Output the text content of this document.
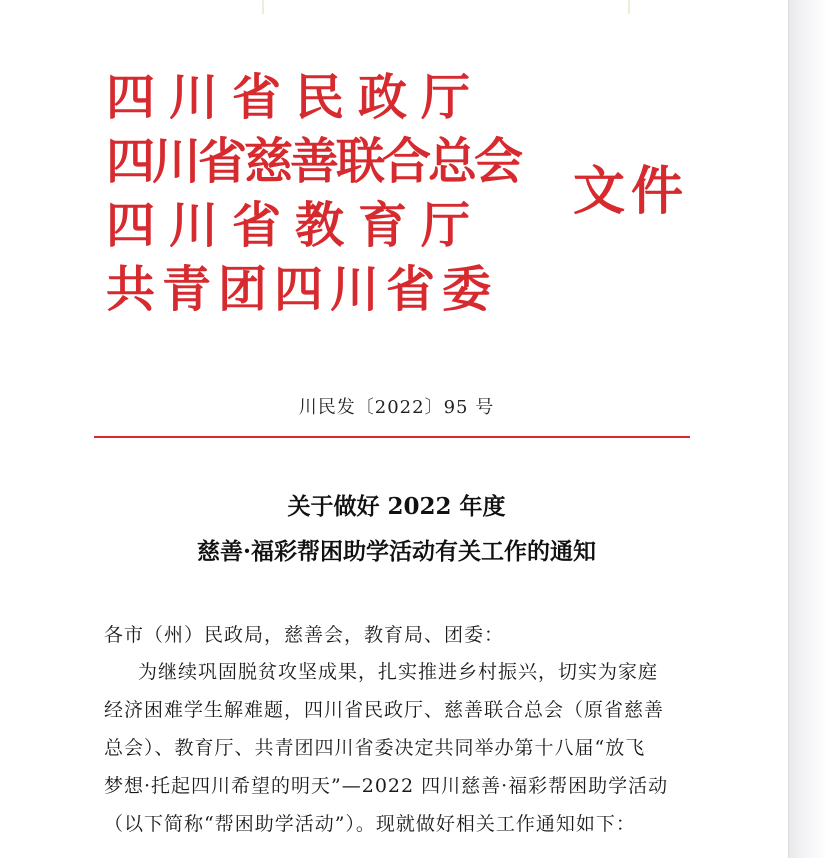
四川省民政厅
四川省慈善联合总会
四川省教育厅
共青团四川省委
文件
川民发〔2022〕95 号
关于做好 2022 年度
慈善·福彩帮困助学活动有关工作的通知
各市（州）民政局，慈善会，教育局、团委：
为继续巩固脱贫攻坚成果，扎实推进乡村振兴，切实为家庭
经济困难学生解难题，四川省民政厅、慈善联合总会（原省慈善
总会）、教育厅、共青团四川省委决定共同举办第十八届“放飞
梦想·托起四川希望的明天”—2022 四川慈善·福彩帮困助学活动
（以下简称“帮困助学活动”）。现就做好相关工作通知如下：
